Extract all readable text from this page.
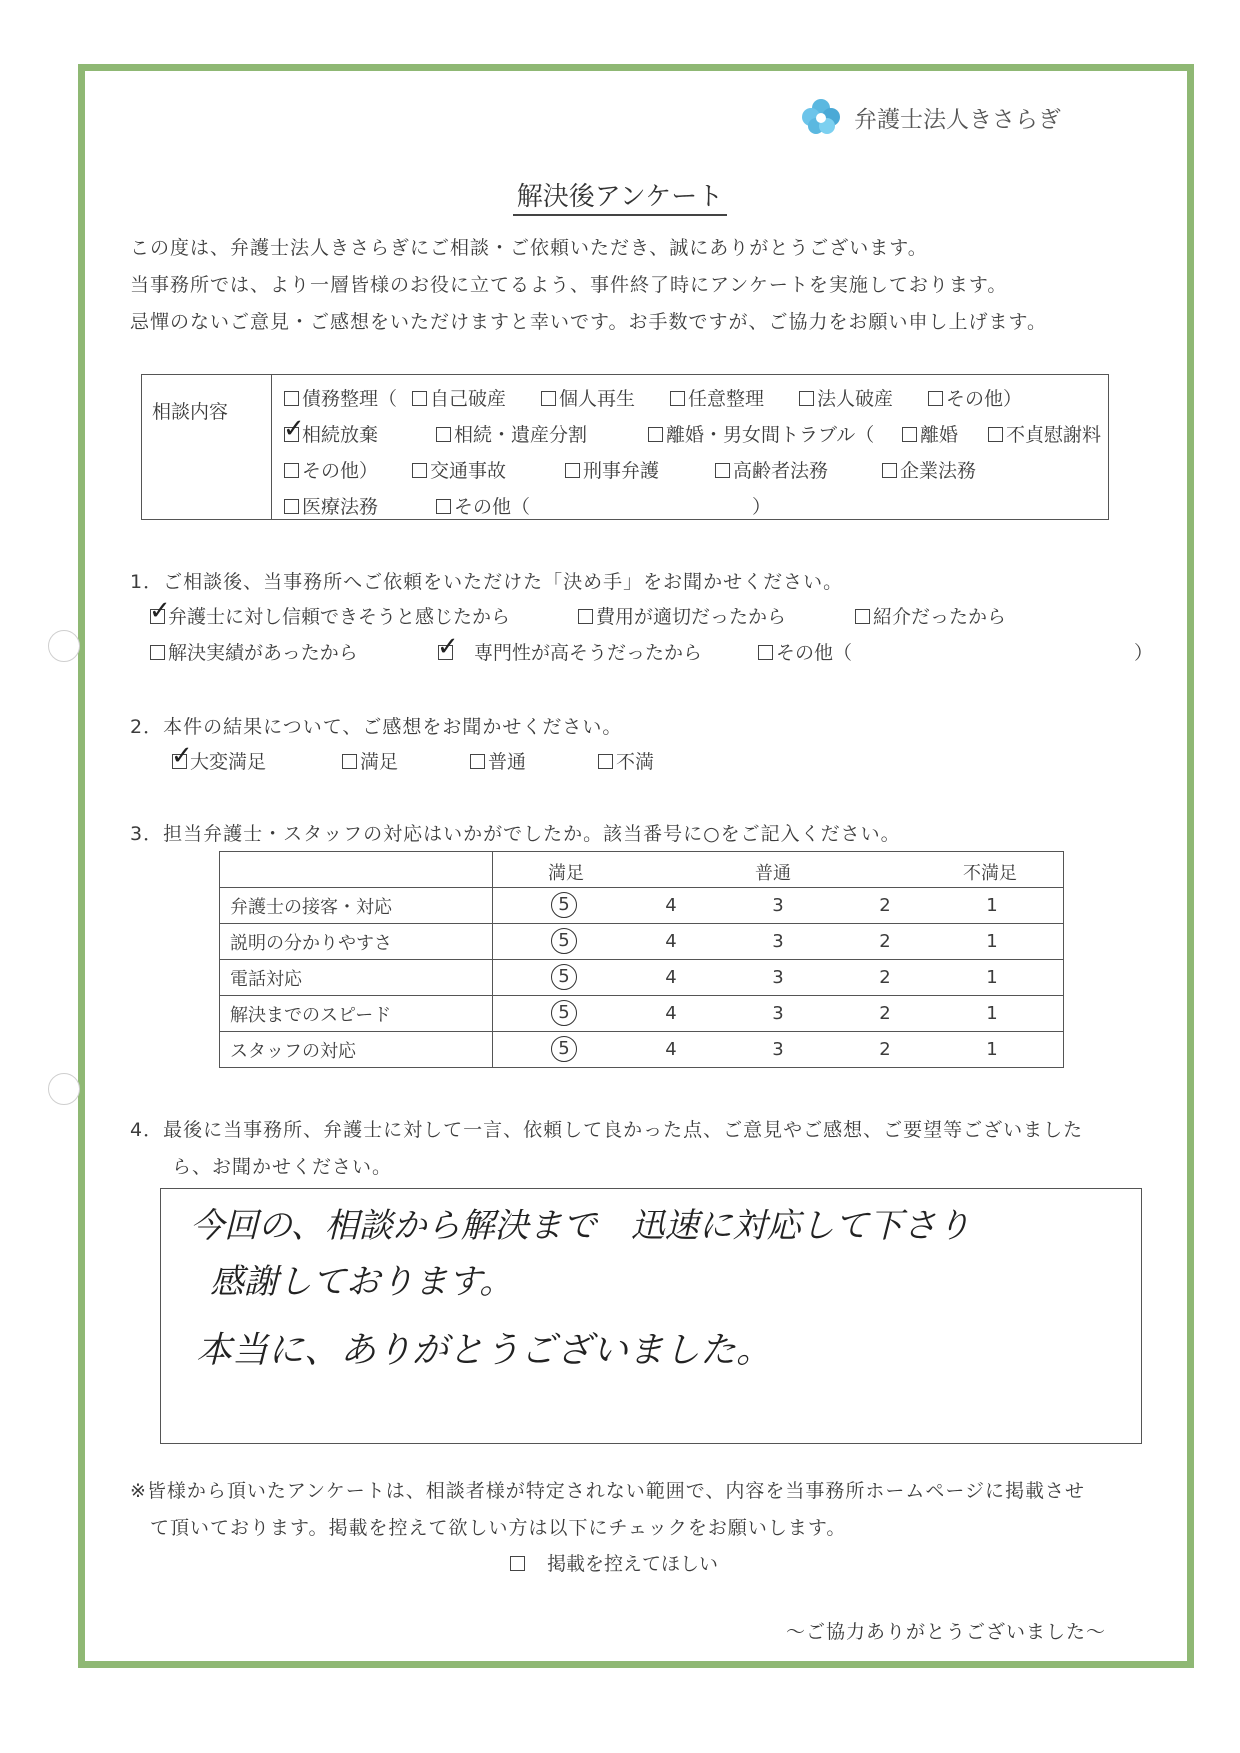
弁護士法人きさらぎ
解決後アンケート
この度は、弁護士法人きさらぎにご相談・ご依頼いただき、誠にありがとうございます。
当事務所では、より一層皆様のお役に立てるよう、事件終了時にアンケートを実施しております。
忌憚のないご意見・ご感想をいただけますと幸いです。お手数ですが、ご協力をお願い申し上げます。
相談内容
債務整理（	自己破産	個人再生	任意整理	法人破産	その他）
✓
相続放棄	相続・遺産分割	離婚・男女間トラブル（	離婚	不貞慰謝料
その他）	交通事故	刑事弁護	高齢者法務	企業法務
医療法務	その他（	）
1．ご相談後、当事務所へご依頼をいただけた「決め手」をお聞かせください。
✓
弁護士に対し信頼できそうと感じたから	費用が適切だったから	紹介だったから
解決実績があったから	✓ 専門性が高そうだったから	その他（	）
2．本件の結果について、ご感想をお聞かせください。
✓
大変満足	満足	普通	不満
3．担当弁護士・スタッフの対応はいかがでしたか。該当番号に○をご記入ください。

	満足 普通 不満足

弁護士の接客・対応	5 4 3 2 1

説明の分かりやすさ	5 4 3 2 1

電話対応	5 4 3 2 1

解決までのスピード	5 4 3 2 1

スタッフの対応	5 4 3 2 1
4．最後に当事務所、弁護士に対して一言、依頼して良かった点、ご意見やご感想、ご要望等ございました
ら、お聞かせください。
今回の、相談から解決まで　迅速に対応して下さり
感謝しております。
本当に、ありがとうございました。
※皆様から頂いたアンケートは、相談者様が特定されない範囲で、内容を当事務所ホームページに掲載させ
て頂いております。掲載を控えて欲しい方は以下にチェックをお願いします。
掲載を控えてほしい
～ご協力ありがとうございました～
